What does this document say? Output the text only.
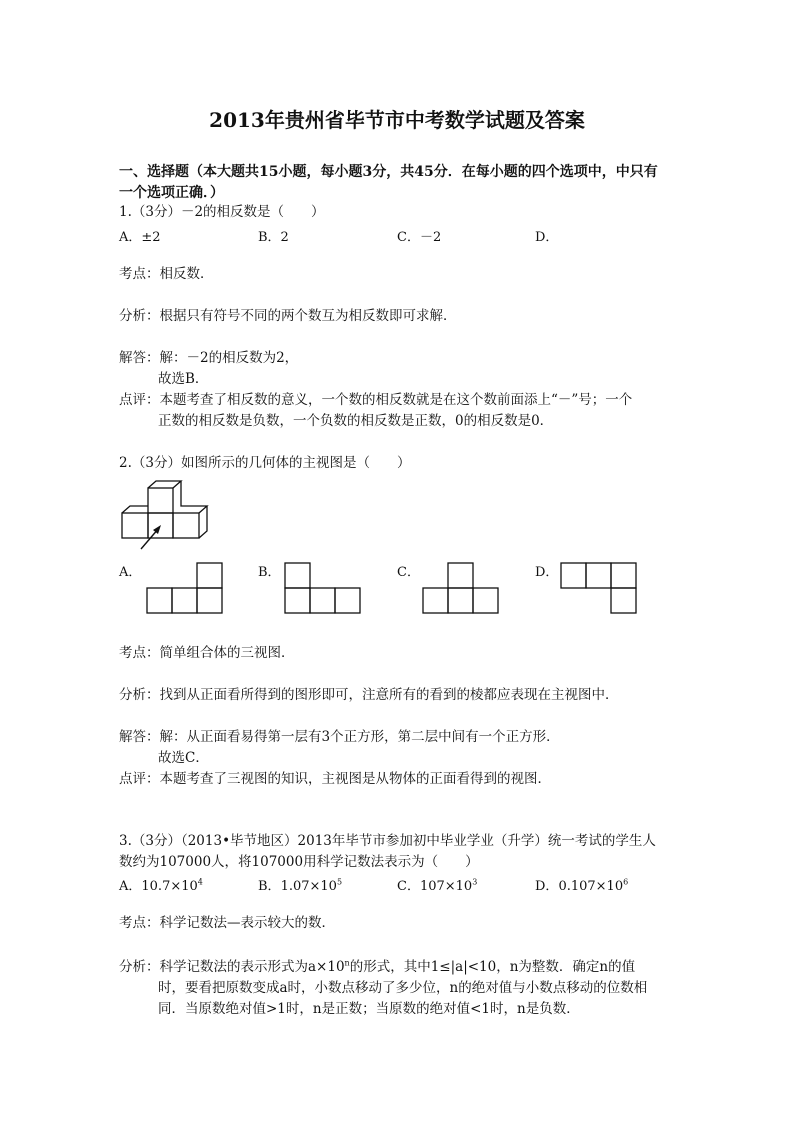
2013年贵州省毕节市中考数学试题及答案
一、选择题（本大题共15小题，每小题3分，共45分．在每小题的四个选项中，中只有
一个选项正确．）
1.（3分）－2的相反数是（　　）
A．±2	B．2	C．－2	D．
考点：相反数．
分析：根据只有符号不同的两个数互为相反数即可求解．
解答：解：－2的相反数为2，
故选B．
点评：本题考查了相反数的意义，一个数的相反数就是在这个数前面添上“－”号；一个
正数的相反数是负数，一个负数的相反数是正数，0的相反数是0．
2.（3分）如图所示的几何体的主视图是（　　）
A．	B．	C．	D．
考点：简单组合体的三视图．
分析：找到从正面看所得到的图形即可，注意所有的看到的棱都应表现在主视图中．
解答：解：从正面看易得第一层有3个正方形，第二层中间有一个正方形．
故选C．
点评：本题考查了三视图的知识，主视图是从物体的正面看得到的视图．
3.（3分）（2013•毕节地区）2013年毕节市参加初中毕业学业（升学）统一考试的学生人
数约为107000人，将107000用科学记数法表示为（　　）
A．$10.7\times 10^4$	B．$1.07\times 10^5$	C．$107\times 10^3$	D．$0.107\times 10^6$
考点：科学记数法—表示较大的数．
分析：科学记数法的表示形式为$a\times 10^n$的形式，其中1≤|a|<10，n为整数．确定n的值
时，要看把原数变成a时，小数点移动了多少位，n的绝对值与小数点移动的位数相
同．当原数绝对值>1时，n是正数；当原数的绝对值<1时，n是负数．
